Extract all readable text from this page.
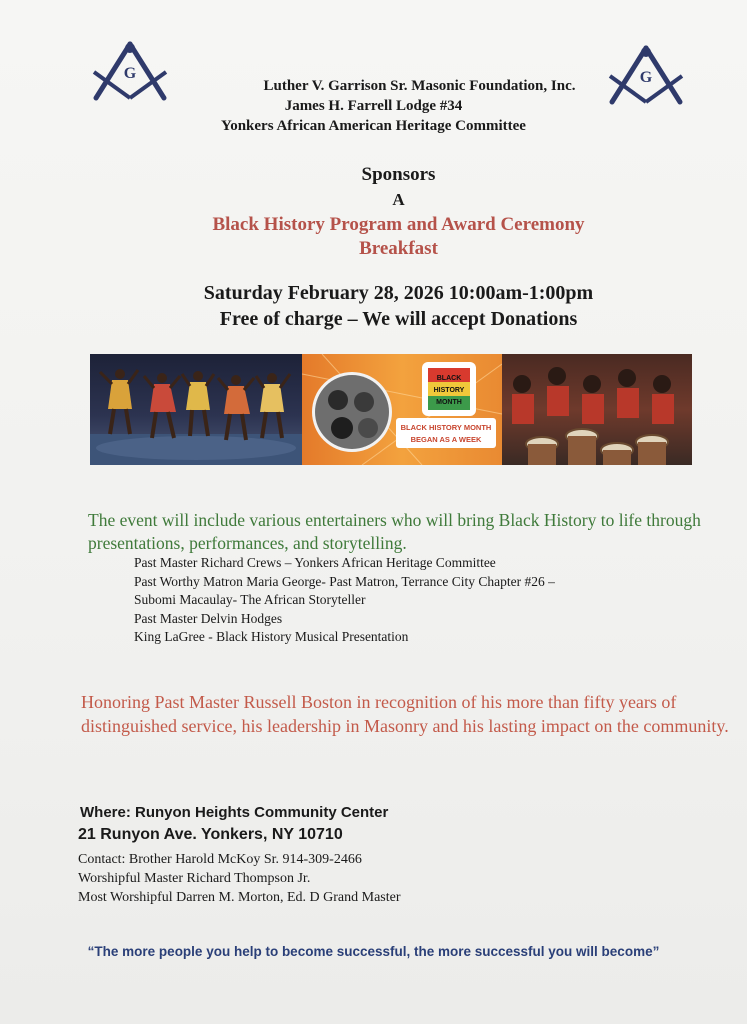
G	G
Luther V. Garrison Sr. Masonic Foundation, Inc.
James H. Farrell Lodge #34
Yonkers African American Heritage Committee
Sponsors
A
Black History Program and Award Ceremony
Breakfast
Saturday February 28, 2026 10:00am-1:00pm
Free of charge – We will accept Donations
BLACK
HISTORY
MONTH
BLACK HISTORY MONTH
BEGAN AS A WEEK
The event will include various entertainers who will bring Black History to life through presentations, performances, and storytelling.
Past Master Richard Crews – Yonkers African Heritage Committee
Past Worthy Matron Maria George- Past Matron, Terrance City Chapter #26 –
Subomi Macaulay- The African Storyteller
Past Master Delvin Hodges
King LaGree - Black History Musical Presentation
Honoring Past Master Russell Boston in recognition of his more than fifty years of distinguished service, his leadership in Masonry and his lasting impact on the community.
Where: Runyon Heights Community Center
21 Runyon Ave. Yonkers, NY 10710
Contact: Brother Harold McKoy Sr. 914-309-2466
Worshipful Master Richard Thompson Jr.
Most Worshipful Darren M. Morton, Ed. D Grand Master
“The more people you help to become successful, the more successful you will become”
